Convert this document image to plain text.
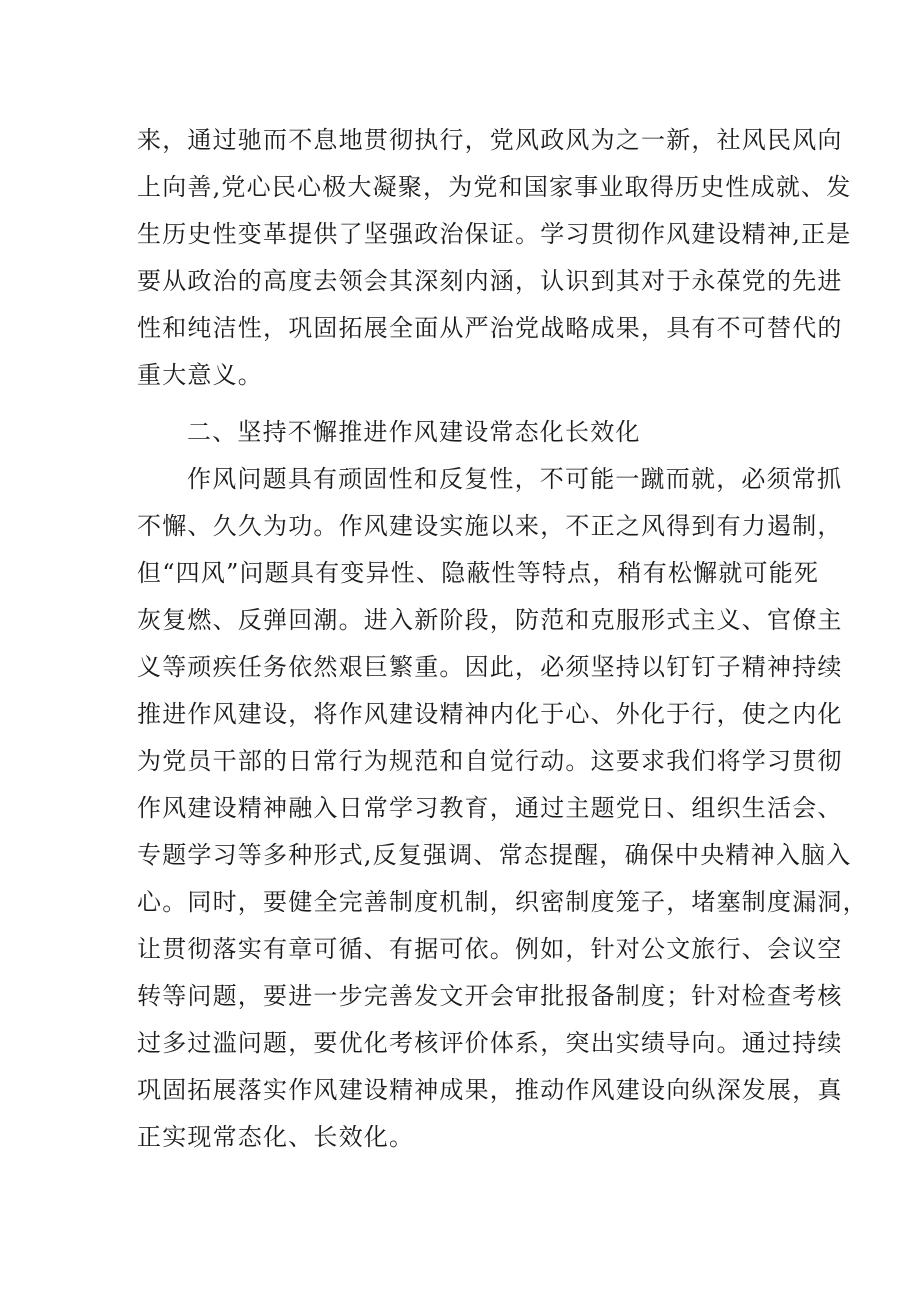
来，通过驰而不息地贯彻执行，党风政风为之一新，社风民风向
上向善,党心民心极大凝聚，为党和国家事业取得历史性成就、发
生历史性变革提供了坚强政治保证。学习贯彻作风建设精神,正是
要从政治的高度去领会其深刻内涵，认识到其对于永葆党的先进
性和纯洁性，巩固拓展全面从严治党战略成果，具有不可替代的
重大意义。
二、坚持不懈推进作风建设常态化长效化
作风问题具有顽固性和反复性，不可能一蹴而就，必须常抓
不懈、久久为功。作风建设实施以来，不正之风得到有力遏制，
但“四风”问题具有变异性、隐蔽性等特点，稍有松懈就可能死
灰复燃、反弹回潮。进入新阶段，防范和克服形式主义、官僚主
义等顽疾任务依然艰巨繁重。因此，必须坚持以钉钉子精神持续
推进作风建设，将作风建设精神内化于心、外化于行，使之内化
为党员干部的日常行为规范和自觉行动。这要求我们将学习贯彻
作风建设精神融入日常学习教育，通过主题党日、组织生活会、
专题学习等多种形式,反复强调、常态提醒，确保中央精神入脑入
心。同时，要健全完善制度机制，织密制度笼子，堵塞制度漏洞，
让贯彻落实有章可循、有据可依。例如，针对公文旅行、会议空
转等问题，要进一步完善发文开会审批报备制度；针对检查考核
过多过滥问题，要优化考核评价体系，突出实绩导向。通过持续
巩固拓展落实作风建设精神成果，推动作风建设向纵深发展，真
正实现常态化、长效化。
